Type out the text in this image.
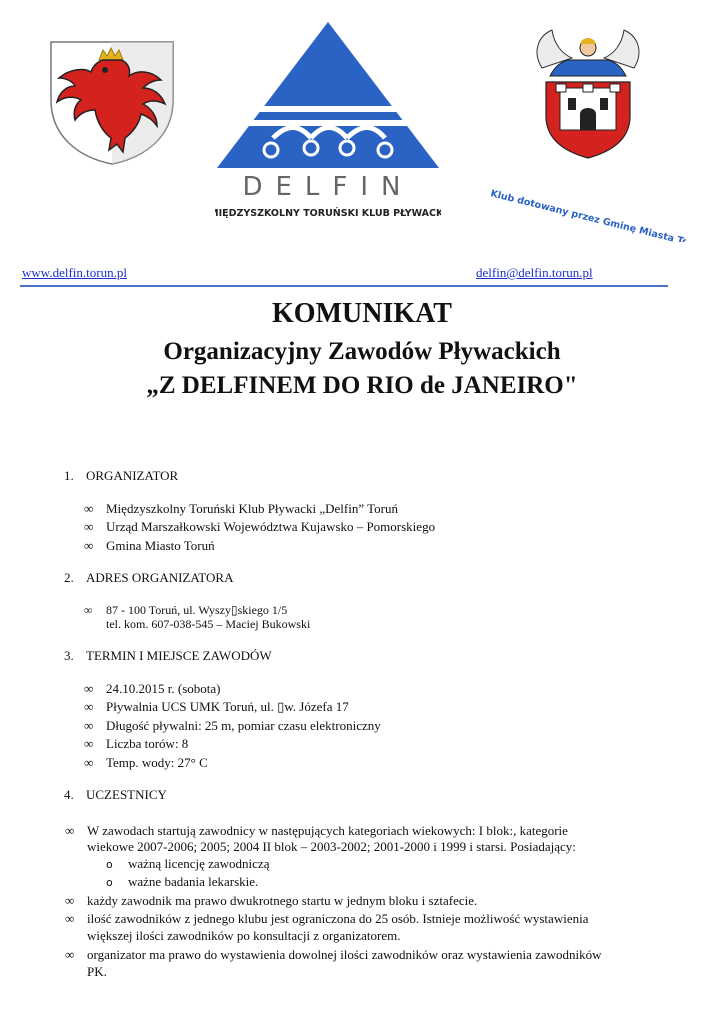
DELFIN
MIĘDZYSZKOLNY TORUŃSKI KLUB PŁYWACKI	Klub dotowany przez Gminę Miasta Toruń
www.delfin.torun.pl	delfin@delfin.torun.pl
KOMUNIKAT
Organizacyjny Zawodów Pływackich
„Z DELFINEM DO RIO de JANEIRO"
1. ORGANIZATOR
∞ Międzyszkolny Toruński Klub Pływacki „Delfin” Toruń
∞ Urząd Marszałkowski Województwa Kujawsko – Pomorskiego
∞ Gmina Miasto Toruń
2. ADRES ORGANIZATORA
∞ 87 - 100 Toruń, ul. Wyszy▯skiego 1/5
tel. kom. 607-038-545 – Maciej Bukowski
3. TERMIN I MIEJSCE ZAWODÓW
∞ 24.10.2015 r. (sobota)
∞ Pływalnia UCS UMK Toruń, ul. ▯w. Józefa 17
∞ Długość pływalni: 25 m, pomiar czasu elektroniczny
∞ Liczba torów: 8
∞ Temp. wody: 27° C
4. UCZESTNICY
∞ W zawodach startują zawodnicy w następujących kategoriach wiekowych: I blok:, kategorie
wiekowe 2007-2006; 2005; 2004 II blok – 2003-2002; 2001-2000 i 1999 i starsi. Posiadający:
o ważną licencję zawodniczą
o ważne badania lekarskie.
∞ każdy zawodnik ma prawo dwukrotnego startu w jednym bloku i sztafecie.
∞ ilość zawodników z jednego klubu jest ograniczona do 25 osób. Istnieje możliwość wystawienia
większej ilości zawodników po konsultacji z organizatorem.
∞ organizator ma prawo do wystawienia dowolnej ilości zawodników oraz wystawienia zawodników
PK.
